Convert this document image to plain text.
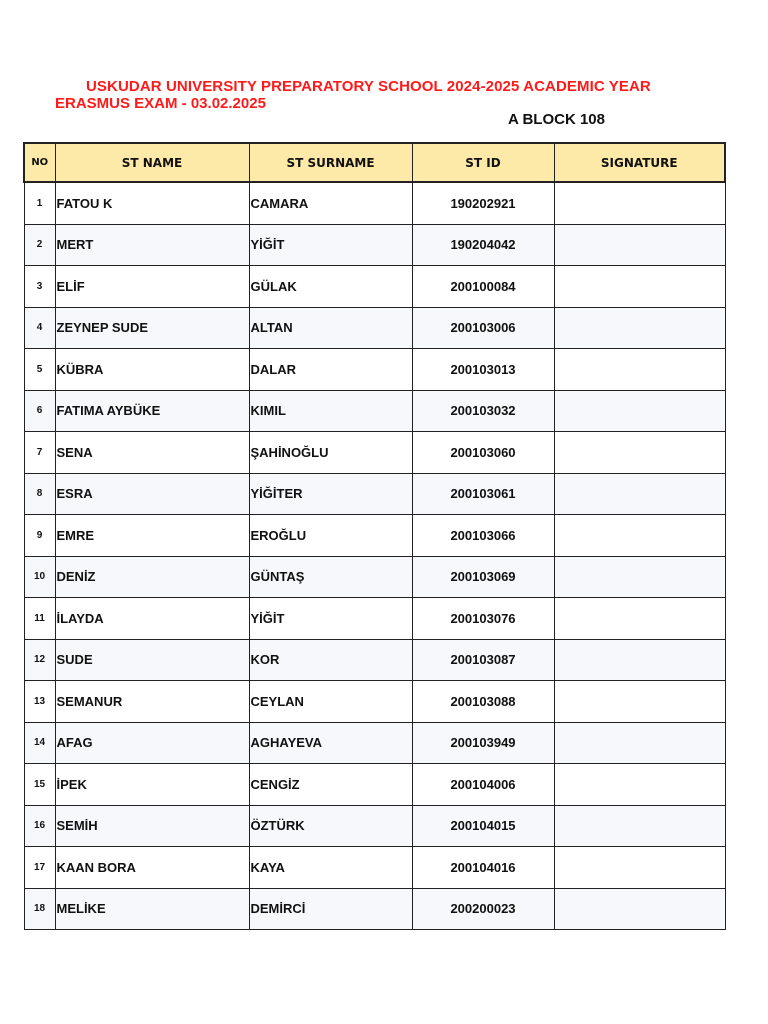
USKUDAR UNIVERSITY PREPARATORY SCHOOL 2024-2025 ACADEMIC YEAR
ERASMUS EXAM - 03.02.2025
A BLOCK 108
NO	ST NAME	ST SURNAME	ST ID	SIGNATURE
1	FATOU K	CAMARA	190202921	
2	MERT	YİĞİT	190204042	
3	ELİF	GÜLAK	200100084	
4	ZEYNEP SUDE	ALTAN	200103006	
5	KÜBRA	DALAR	200103013	
6	FATIMA AYBÜKE	KIMIL	200103032	
7	SENA	ŞAHİNOĞLU	200103060	
8	ESRA	YİĞİTER	200103061	
9	EMRE	EROĞLU	200103066	
10	DENİZ	GÜNTAŞ	200103069	
11	İLAYDA	YİĞİT	200103076	
12	SUDE	KOR	200103087	
13	SEMANUR	CEYLAN	200103088	
14	AFAG	AGHAYEVA	200103949	
15	İPEK	CENGİZ	200104006	
16	SEMİH	ÖZTÜRK	200104015	
17	KAAN BORA	KAYA	200104016	
18	MELİKE	DEMİRCİ	200200023	
